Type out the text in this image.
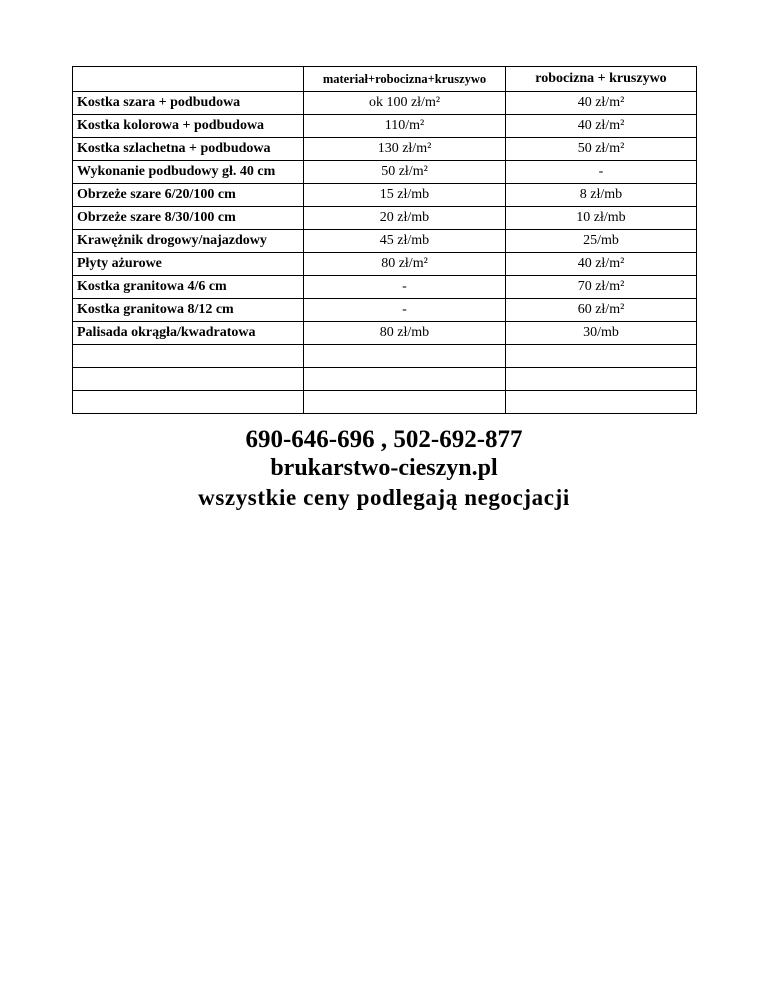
	materiał+robocizna+kruszywo	robocizna + kruszywo
Kostka szara + podbudowa	ok 100 zł/m²	40 zł/m²
Kostka kolorowa + podbudowa	110/m²	40 zł/m²
Kostka szlachetna + podbudowa	130 zł/m²	50 zł/m²
Wykonanie podbudowy gł. 40 cm	50 zł/m²	-
Obrzeże szare 6/20/100 cm	15 zł/mb	8 zł/mb
Obrzeże szare 8/30/100 cm	20 zł/mb	10 zł/mb
Krawężnik drogowy/najazdowy	45 zł/mb	25/mb
Płyty ażurowe	80 zł/m²	40 zł/m²
Kostka granitowa 4/6 cm	-	70 zł/m²
Kostka granitowa 8/12 cm	-	60 zł/m²
Palisada okrągła/kwadratowa	80 zł/mb	30/mb

690-646-696 , 502-692-877
brukarstwo-cieszyn.pl
wszystkie ceny podlegają negocjacji
